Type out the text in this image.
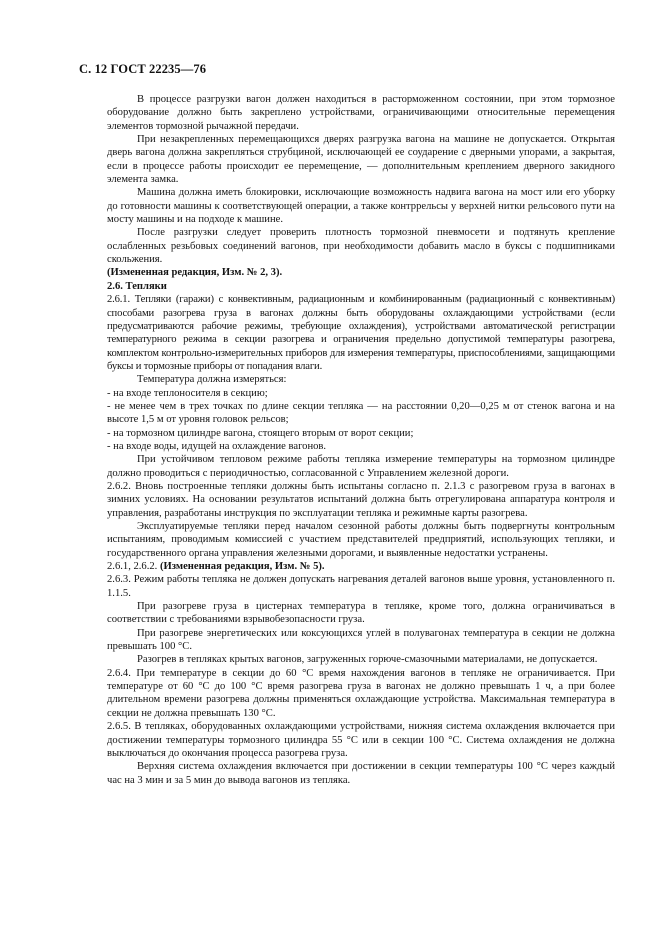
С. 12 ГОСТ 22235—76

В процессе разгрузки вагон должен находиться в расторможенном состоянии, при этом тормозное оборудование должно быть закреплено устройствами, ограничивающими относительные перемещения элементов тормозной рычажной передачи.

При незакрепленных перемещающихся дверях разгрузка вагона на машине не допускается. Открытая дверь вагона должна закрепляться струбциной, исключающей ее соударение с дверными упорами, а закрытая, если в процессе работы происходит ее перемещение, — дополнительным креплением дверного закидного элемента замка.

Машина должна иметь блокировки, исключающие возможность надвига вагона на мост или его уборку до готовности машины к соответствующей операции, а также контррельсы у верхней нитки рельсового пути на мосту машины и на подходе к машине.

После разгрузки следует проверить плотность тормозной пневмосети и подтянуть крепление ослабленных резьбовых соединений вагонов, при необходимости добавить масло в буксы с подшипниками скольжения.

(Измененная редакция, Изм. № 2, 3).

2.6. Тепляки

2.6.1. Тепляки (гаражи) с конвективным, радиационным и комбинированным (радиационный с конвективным) способами разогрева груза в вагонах должны быть оборудованы охлаждающими устройствами (если предусматриваются рабочие режимы, требующие охлаждения), устройствами автоматической регистрации температурного режима в секции разогрева и ограничения предельно допустимой температуры разогрева, комплектом контрольно-измерительных приборов для измерения температуры, приспособлениями, защищающими буксы и тормозные приборы от попадания влаги.

Температура должна измеряться:

- на входе теплоносителя в секцию;

- не менее чем в трех точках по длине секции тепляка — на расстоянии 0,20—0,25 м от стенок вагона и на высоте 1,5 м от уровня головок рельсов;

- на тормозном цилиндре вагона, стоящего вторым от ворот секции;

- на входе воды, идущей на охлаждение вагонов.

При устойчивом тепловом режиме работы тепляка измерение температуры на тормозном цилиндре должно проводиться с периодичностью, согласованной с Управлением железной дороги.

2.6.2. Вновь построенные тепляки должны быть испытаны согласно п. 2.1.3 с разогревом груза в вагонах в зимних условиях. На основании результатов испытаний должна быть отрегулирована аппаратура контроля и управления, разработаны инструкция по эксплуатации тепляка и режимные карты разогрева.

Эксплуатируемые тепляки перед началом сезонной работы должны быть подвергнуты контрольным испытаниям, проводимым комиссией с участием представителей предприятий, использующих тепляки, и государственного органа управления железными дорогами, и выявленные недостатки устранены.

2.6.1, 2.6.2. (Измененная редакция, Изм. № 5).

2.6.3. Режим работы тепляка не должен допускать нагревания деталей вагонов выше уровня, установленного п. 1.1.5.

При разогреве груза в цистернах температура в тепляке, кроме того, должна ограничиваться в соответствии с требованиями взрывобезопасности груза.

При разогреве энергетических или коксующихся углей в полувагонах температура в секции не должна превышать 100 °С.

Разогрев в тепляках крытых вагонов, загруженных горюче-смазочными материалами, не допускается.

2.6.4. При температуре в секции до 60 °С время нахождения вагонов в тепляке не ограничивается. При температуре от 60 °С до 100 °С время разогрева груза в вагонах не должно превышать 1 ч, а при более длительном времени разогрева должны применяться охлаждающие устройства. Максимальная температура в секции не должна превышать 130 °С.

2.6.5. В тепляках, оборудованных охлаждающими устройствами, нижняя система охлаждения включается при достижении температуры тормозного цилиндра 55 °С или в секции 100 °С. Система охлаждения не должна выключаться до окончания процесса разогрева груза.

Верхняя система охлаждения включается при достижении в секции температуры 100 °С через каждый час на 3 мин и за 5 мин до вывода вагонов из тепляка.
